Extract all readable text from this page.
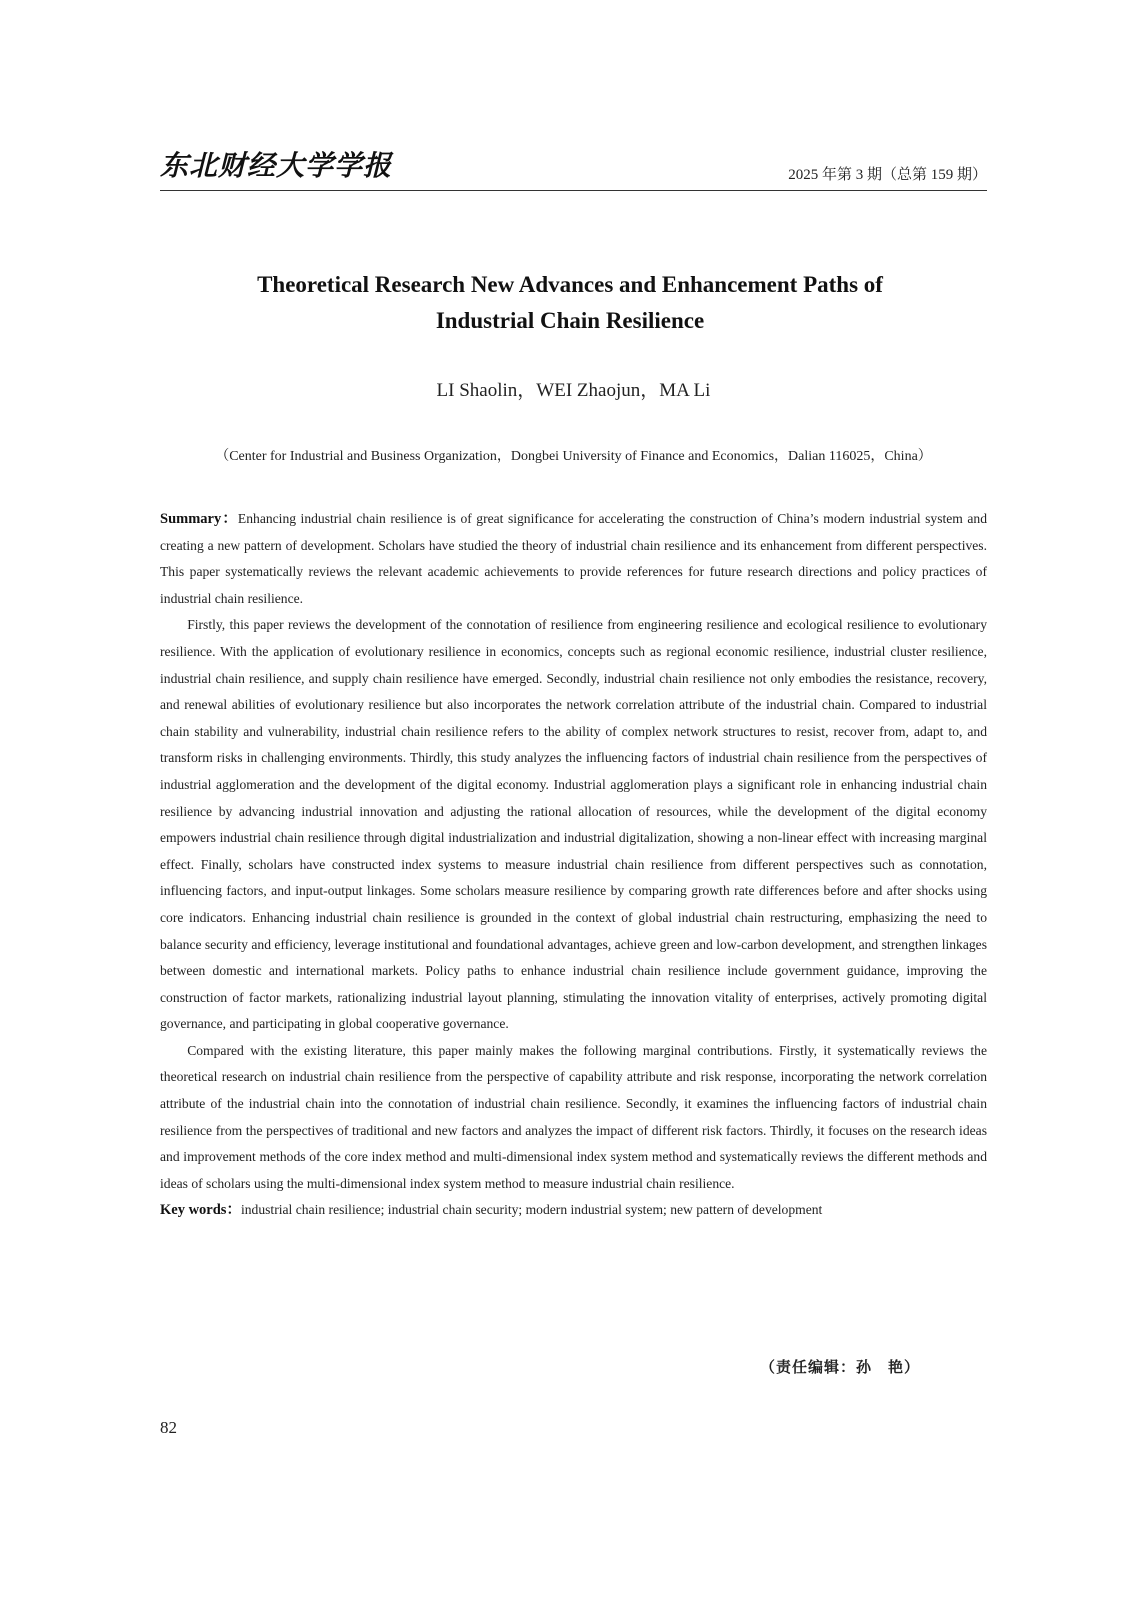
东北财经大学学报	2025 年第 3 期（总第 159 期）
Theoretical Research New Advances and Enhancement Paths of
Industrial Chain Resilience
LI Shaolin，WEI Zhaojun，MA Li
（Center for Industrial and Business Organization，Dongbei University of Finance and Economics，Dalian 116025，China）

Summary：Enhancing industrial chain resilience is of great significance for accelerating the construction of China’s modern industrial system and creating a new pattern of development. Scholars have studied the theory of industrial chain resilience and its enhancement from different perspectives. This paper systematically reviews the relevant academic achievements to provide references for future research directions and policy practices of industrial chain resilience.

Firstly, this paper reviews the development of the connotation of resilience from engineering resilience and ecological resilience to evolutionary resilience. With the application of evolutionary resilience in economics, concepts such as regional economic resilience, industrial cluster resilience, industrial chain resilience, and supply chain resilience have emerged. Secondly, industrial chain resilience not only embodies the resistance, recovery, and renewal abilities of evolutionary resilience but also incorporates the network correlation attribute of the industrial chain. Compared to industrial chain stability and vulnerability, industrial chain resilience refers to the ability of complex network structures to resist, recover from, adapt to, and transform risks in challenging environments. Thirdly, this study analyzes the influencing factors of industrial chain resilience from the perspectives of industrial agglomeration and the development of the digital economy. Industrial agglomeration plays a significant role in enhancing industrial chain resilience by advancing industrial innovation and adjusting the rational allocation of resources, while the development of the digital economy empowers industrial chain resilience through digital industrialization and industrial digitalization, showing a non-linear effect with increasing marginal effect. Finally, scholars have constructed index systems to measure industrial chain resilience from different perspectives such as connotation, influencing factors, and input-output linkages. Some scholars measure resilience by comparing growth rate differences before and after shocks using core indicators. Enhancing industrial chain resilience is grounded in the context of global industrial chain restructuring, emphasizing the need to balance security and efficiency, leverage institutional and foundational advantages, achieve green and low-carbon development, and strengthen linkages between domestic and international markets. Policy paths to enhance industrial chain resilience include government guidance, improving the construction of factor markets, rationalizing industrial layout planning, stimulating the innovation vitality of enterprises, actively promoting digital governance, and participating in global cooperative governance.

Compared with the existing literature, this paper mainly makes the following marginal contributions. Firstly, it systematically reviews the theoretical research on industrial chain resilience from the perspective of capability attribute and risk response, incorporating the network correlation attribute of the industrial chain into the connotation of industrial chain resilience. Secondly, it examines the influencing factors of industrial chain resilience from the perspectives of traditional and new factors and analyzes the impact of different risk factors. Thirdly, it focuses on the research ideas and improvement methods of the core index method and multi-dimensional index system method and systematically reviews the different methods and ideas of scholars using the multi-dimensional index system method to measure industrial chain resilience.

Key words：industrial chain resilience; industrial chain security; modern industrial system; new pattern of development

（责任编辑：孙　艳）
82
